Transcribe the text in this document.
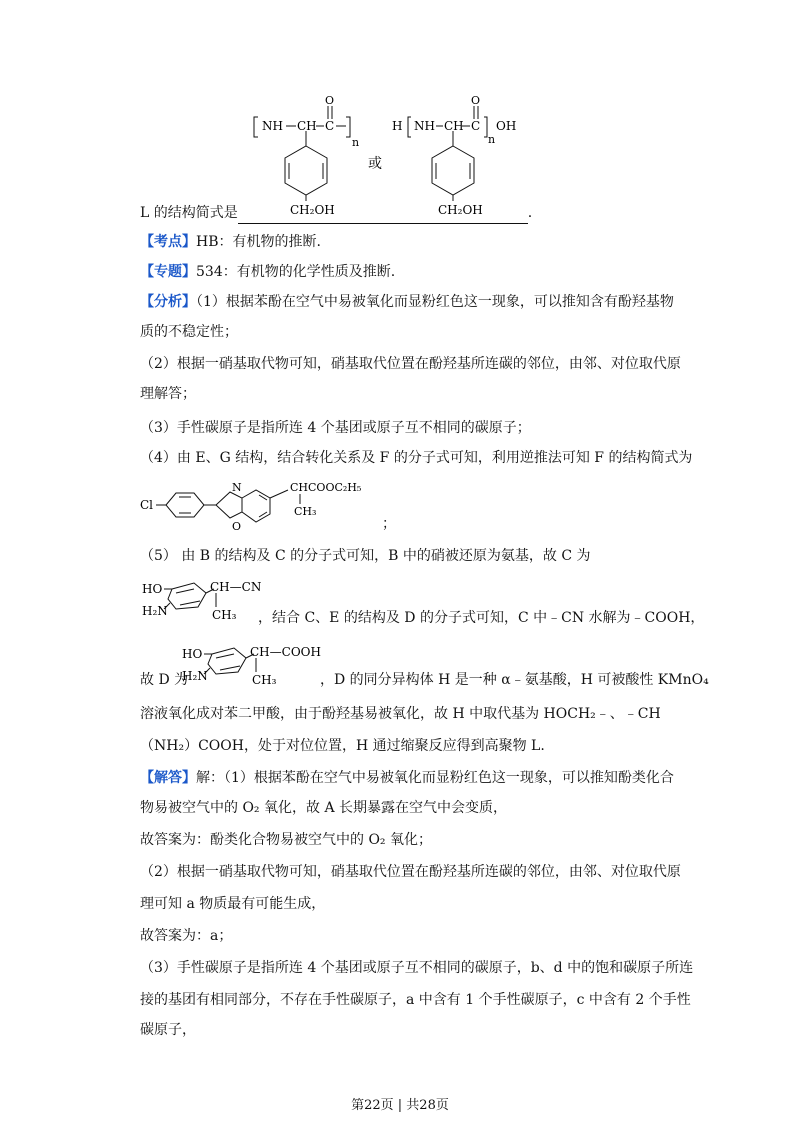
NH CH C
O
n
CH₂OH
或
H NH CH C
O
n
OH
CH₂OH
L 的结构简式是	.
【考点】HB：有机物的推断.
【专题】534：有机物的化学性质及推断.
【分析】（1）根据苯酚在空气中易被氧化而显粉红色这一现象，可以推知含有酚羟基物
质的不稳定性；
（2）根据一硝基取代物可知，硝基取代位置在酚羟基所连碳的邻位，由邻、对位取代原
理解答；
（3）手性碳原子是指所连 4 个基团或原子互不相同的碳原子；
（4）由 E、G 结构，结合转化关系及 F 的分子式可知，利用逆推法可知 F 的结构简式为
Cl
N
O
CHCOOC₂H₅
CH₃
；
（5） 由 B 的结构及 C 的分子式可知，B 中的硝被还原为氨基，故 C 为
HO
H₂N
CH—CN
CH₃ ，结合 C、E 的结构及 D 的分子式可知，C 中﹣CN 水解为﹣COOH，
HO
H₂N
CH—COOH
CH₃
故 D 为	，D 的同分异构体 H 是一种 α﹣氨基酸，H 可被酸性 KMnO₄
溶液氧化成对苯二甲酸，由于酚羟基易被氧化，故 H 中取代基为 HOCH₂﹣、﹣CH
（NH₂）COOH，处于对位位置，H 通过缩聚反应得到高聚物 L.
【解答】解：（1）根据苯酚在空气中易被氧化而显粉红色这一现象，可以推知酚类化合
物易被空气中的 O₂ 氧化，故 A 长期暴露在空气中会变质，
故答案为：酚类化合物易被空气中的 O₂ 氧化；
（2）根据一硝基取代物可知，硝基取代位置在酚羟基所连碳的邻位，由邻、对位取代原
理可知 a 物质最有可能生成，
故答案为：a；
（3）手性碳原子是指所连 4 个基团或原子互不相同的碳原子，b、d 中的饱和碳原子所连
接的基团有相同部分，不存在手性碳原子，a 中含有 1 个手性碳原子，c 中含有 2 个手性
碳原子，
第22页 | 共28页
